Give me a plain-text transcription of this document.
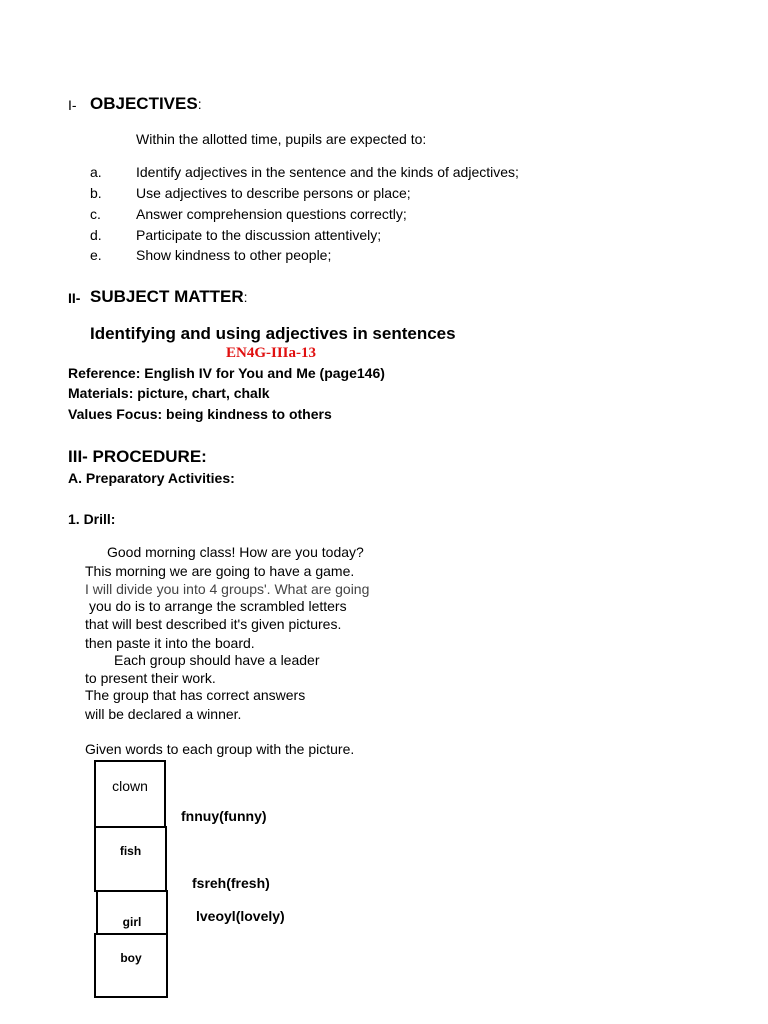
I- OBJECTIVES:
Within the allotted time, pupils are expected to:
a. Identify adjectives in the sentence and the kinds of adjectives;
b. Use adjectives to describe persons or place;
c.	Answer comprehension questions correctly;
d. Participate to the discussion attentively;
e. Show kindness to other people;
II- SUBJECT MATTER:
Identifying and using adjectives in sentences
EN4G-IIIa-13
Reference: English IV for You and Me (page146)
Materials: picture, chart, chalk
Values Focus: being kindness to others
III- PROCEDURE:
A. Preparatory Activities:
1. Drill:
Good morning class! How are you today?
This morning we are going to have a game.
I will divide you into 4 groups'. What are going
you do is to arrange the scrambled letters
that will best described it's given pictures.
then paste it into the board.
Each group should have a leader
to present their work.
The group that has correct answers
will be declared a winner.
Given words to each group with the picture.
clown
fish
girl
boy
fnnuy(funny)
fsreh(fresh)
lveoyl(lovely)
